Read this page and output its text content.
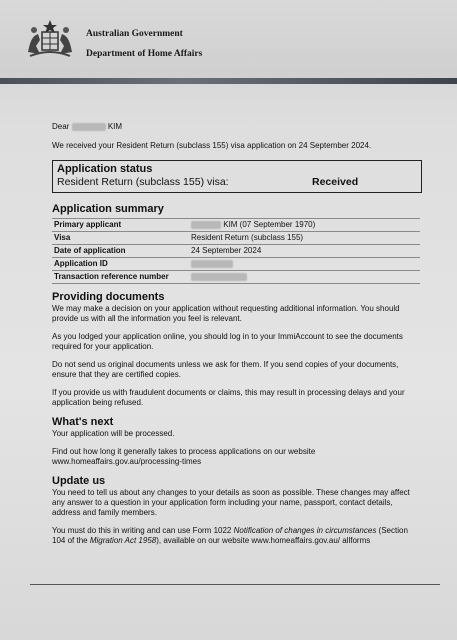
Australian Government
Department of Home Affairs
Dear	KIM
We received your Resident Return (subclass 155) visa application on 24 September 2024.
Application status
Resident Return (subclass 155) visa:	Received
Application summary
Primary applicant	KIM (07 September 1970)
Visa	Resident Return (subclass 155)
Date of application	24 September 2024
Application ID	
Transaction reference number	
Providing documents

We may make a decision on your application without requesting additional information. You should provide us with all the information you feel is relevant.

As you lodged your application online, you should log in to your ImmiAccount to see the documents required for your application.

Do not send us original documents unless we ask for them. If you send copies of your documents, ensure that they are certified copies.

If you provide us with fraudulent documents or claims, this may result in processing delays and your application being refused.

What's next

Your application will be processed.

Find out how long it generally takes to process applications on our website www.homeaffairs.gov.au/processing-times

Update us

You need to tell us about any changes to your details as soon as possible. These changes may affect any answer to a question in your application form including your name, passport, contact details, address and family members.

You must do this in writing and can use Form 1022 Notification of changes in circumstances (Section 104 of the Migration Act 1958), available on our website www.homeaffairs.gov.au/ allforms
